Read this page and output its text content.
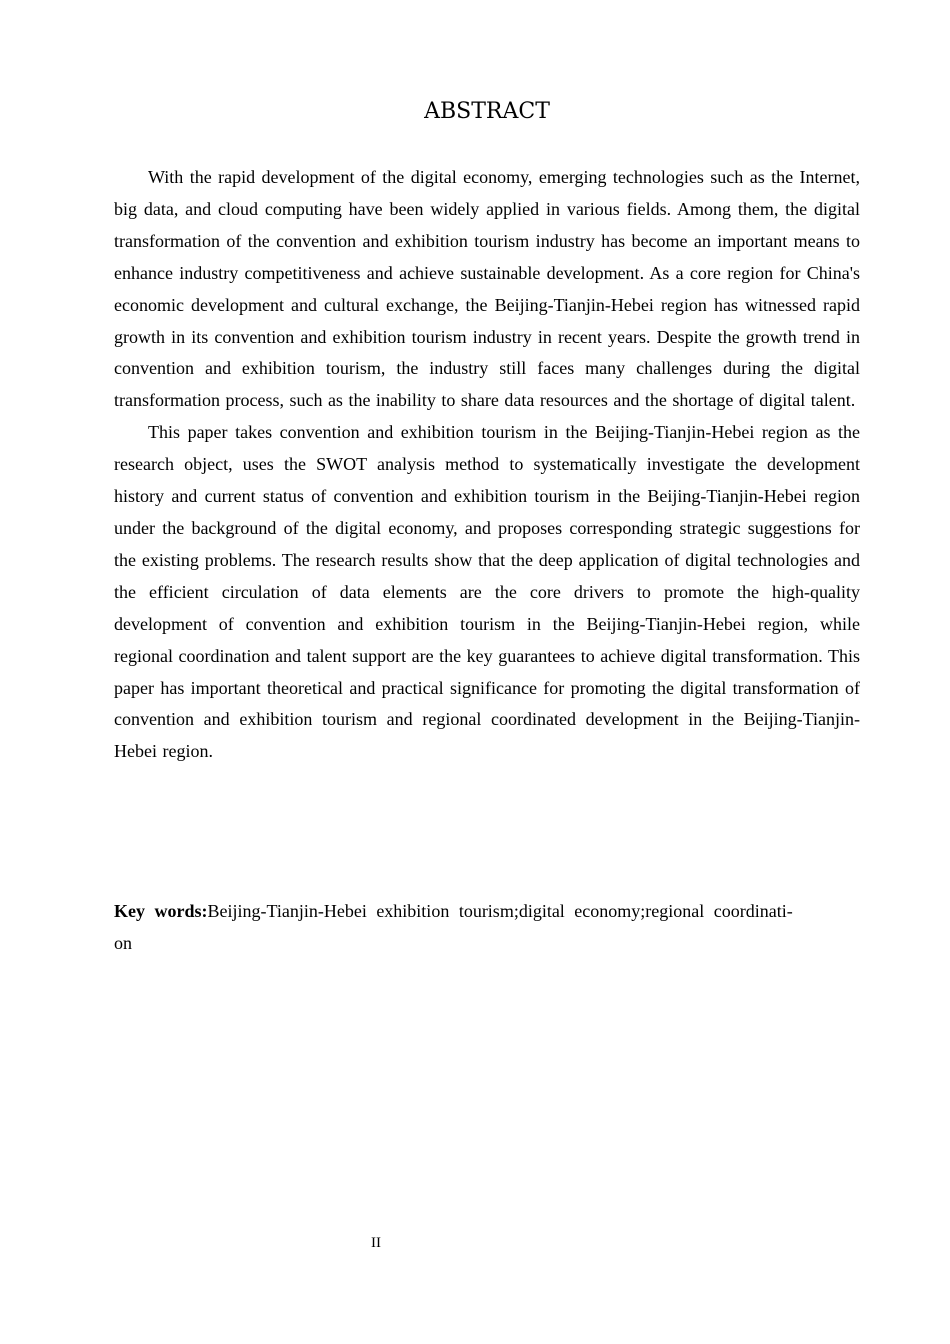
ABSTRACT

With the rapid development of the digital economy, emerging technologies such as the Internet, big data, and cloud computing have been widely applied in various fields. Among them, the digital transformation of the convention and exhibition tourism industry has become an important means to enhance industry competitiveness and achieve sustainable development. As a core region for China's economic development and cultural exchange, the Beijing-Tianjin-Hebei region has witnessed rapid growth in its convention and exhibition tourism industry in recent years. Despite the growth trend in convention and exhibition tourism, the industry still faces many challenges during the digital transformation process, such as the inability to share data resources and the shortage of digital talent.

This paper takes convention and exhibition tourism in the Beijing-Tianjin-Hebei region as the research object, uses the SWOT analysis method to systematically investigate the development history and current status of convention and exhibition tourism in the Beijing-Tianjin-Hebei region under the background of the digital economy, and proposes corresponding strategic suggestions for the existing problems. The research results show that the deep application of digital technologies and the efficient circulation of data elements are the core drivers to promote the high-quality development of convention and exhibition tourism in the Beijing-Tianjin-Hebei region, while regional coordination and talent support are the key guarantees to achieve digital transformation. This paper has important theoretical and practical significance for promoting the digital transformation of convention and exhibition tourism and regional coordinated development in the Beijing-Tianjin-Hebei region.

Key words:Beijing-Tianjin-Hebei exhibition tourism;digital economy;regional coordinati-
on
II
